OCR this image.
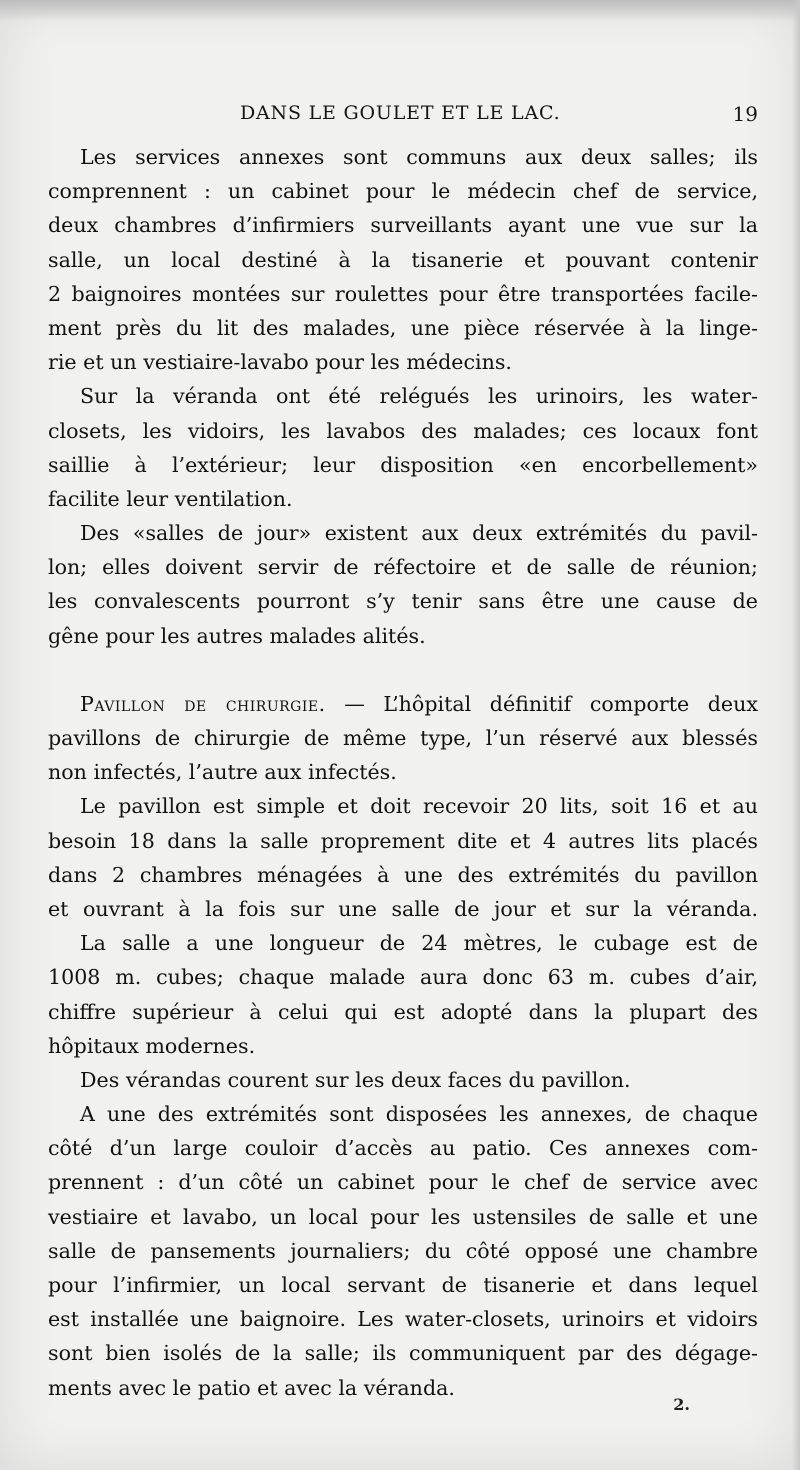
DANS LE GOULET ET LE LAC.	19
Les services annexes sont communs aux deux salles; ils
comprennent : un cabinet pour le médecin chef de service,
deux chambres d’infirmiers surveillants ayant une vue sur la
salle, un local destiné à la tisanerie et pouvant contenir
2 baignoires montées sur roulettes pour être transportées facile-
ment près du lit des malades, une pièce réservée à la linge-
rie et un vestiaire-lavabo pour les médecins.
Sur la véranda ont été relégués les urinoirs, les water-
closets, les vidoirs, les lavabos des malades; ces locaux font
saillie à l’extérieur; leur disposition «en encorbellement»
facilite leur ventilation.
Des «salles de jour» existent aux deux extrémités du pavil-
lon; elles doivent servir de réfectoire et de salle de réunion;
les convalescents pourront s’y tenir sans être une cause de
gêne pour les autres malades alités.
Pavillon de chirurgie. — L’hôpital définitif comporte deux
pavillons de chirurgie de même type, l’un réservé aux blessés
non infectés, l’autre aux infectés.
Le pavillon est simple et doit recevoir 20 lits, soit 16 et au
besoin 18 dans la salle proprement dite et 4 autres lits placés
dans 2 chambres ménagées à une des extrémités du pavillon
et ouvrant à la fois sur une salle de jour et sur la véranda.
La salle a une longueur de 24 mètres, le cubage est de
1008 m. cubes; chaque malade aura donc 63 m. cubes d’air,
chiffre supérieur à celui qui est adopté dans la plupart des
hôpitaux modernes.
Des vérandas courent sur les deux faces du pavillon.
A une des extrémités sont disposées les annexes, de chaque
côté d’un large couloir d’accès au patio. Ces annexes com-
prennent : d’un côté un cabinet pour le chef de service avec
vestiaire et lavabo, un local pour les ustensiles de salle et une
salle de pansements journaliers; du côté opposé une chambre
pour l’infirmier, un local servant de tisanerie et dans lequel
est installée une baignoire. Les water-closets, urinoirs et vidoirs
sont bien isolés de la salle; ils communiquent par des dégage-
ments avec le patio et avec la véranda.
2.
